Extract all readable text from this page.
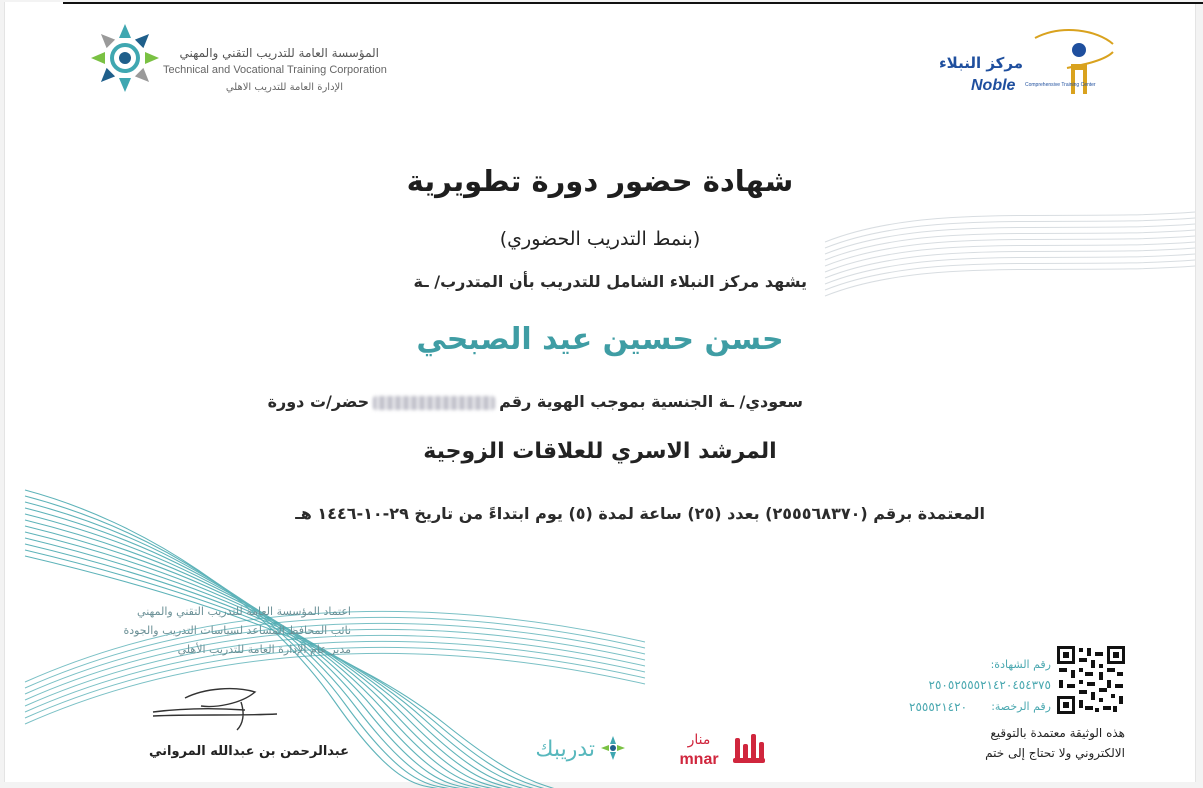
المؤسسة العامة للتدريب التقني والمهني
Technical and Vocational Training Corporation
الإدارة العامة للتدريب الاهلي
مركز النبلاء
Noble Comprehensive Training Center
شهادة حضور دورة تطويرية
(بنمط التدريب الحضوري)
يشهد مركز النبلاء الشامل للتدريب بأن المتدرب/ ـة
حسن حسين عيد الصبحي
سعودي/ ـة الجنسية بموجب الهوية رقمحضر/ت دورة
المرشد الاسري للعلاقات الزوجية
المعتمدة برقم (٢٥٥٥٦٨٣٧٠) بعدد (٢٥) ساعة لمدة (٥) يوم ابتداءً من تاريخ ٢٩-١٠-١٤٤٦ هـ
اعتماد المؤسسة العامة للتدريب التقني والمهني
نائب المحافظ المساعد لسياسات التدريب والجودة
مدير عام الإدارة العامة للتدريب الأهلي
عبدالرحمن بن عبدالله المرواني	تدريبك	منار
mnar
رقم الشهادة:
٢٥٠٥٢٥٥٥٢١٤٢٠٤٥٤٣٧٥
رقم الرخصة:
٢٥٥٥٢١٤٢٠
هذه الوثيقة معتمدة بالتوقيع
الالكتروني ولا تحتاج إلى ختم
